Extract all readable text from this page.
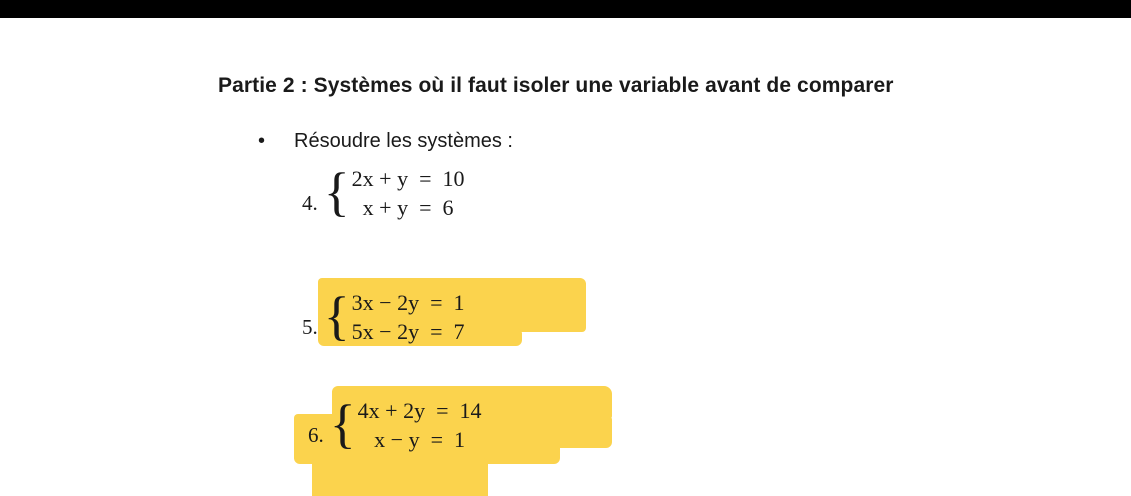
Partie 2 : Systèmes où il faut isoler une variable avant de comparer
• Résoudre les systèmes :
4. { 2x + y  =  10
x + y  =  6
5. { 3x − 2y  =  1
5x − 2y  =  7
6. { 4x + 2y  =  14
x − y  =  1
